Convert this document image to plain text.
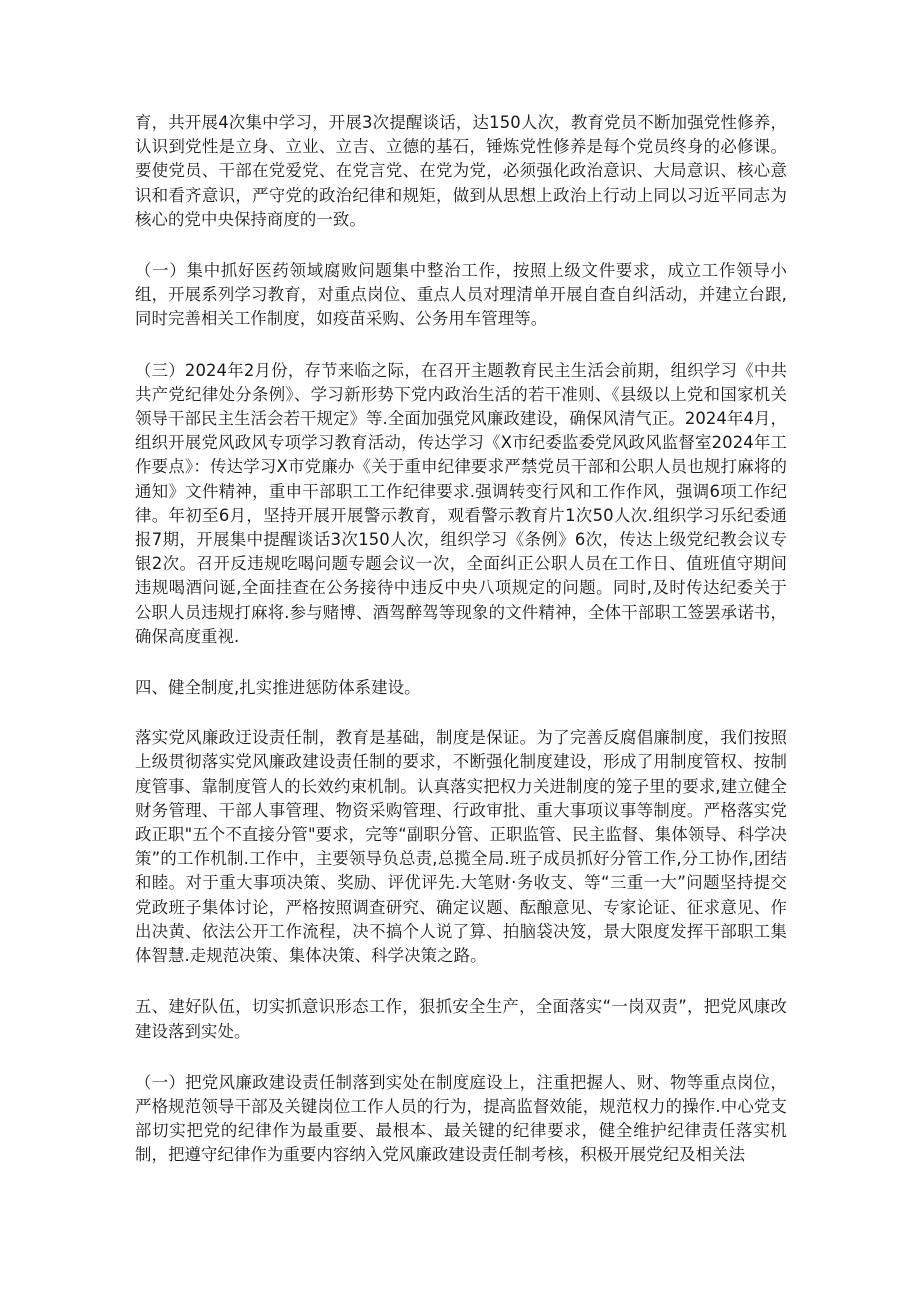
育，共开展4次集中学习，开展3次提醒谈话，达150人次，教育党员不断加强党性修养，认识到党性是立身、立业、立吉、立德的基石，锤炼党性修养是每个党员终身的必修课。要使党员、干部在党爱党、在党言党、在党为党，必须强化政治意识、大局意识、核心意识和看齐意识，严守党的政治纪律和规矩，做到从思想上政治上行动上同以习近平同志为核心的党中央保持商度的一致。

（一）集中抓好医药领域腐败问题集中整治工作，按照上级文件要求，成立工作领导小组，开展系列学习教育，对重点岗位、重点人员对理清单开展自查自纠活动，并建立台跟,同时完善相关工作制度，如疫苗采购、公务用车管理等。

（三）2024年2月份，存节来临之际，在召开主题教育民主生活会前期，组织学习《中共共产党纪律处分条例》、学习新形势下党内政治生活的若干准则、《县级以上党和国家机关领导干部民主生活会若干规定》等.全面加强党风廉政建设，确保风清气正。2024年4月，组织开展党风政风专项学习教育活动，传达学习《X市纪委监委党风政风监督室2024年工作要点》：传达学习X市党廉办《关于重申纪律要求严禁党员干部和公职人员也规打麻将的通知》文件精神，重申干部职工工作纪律要求.强调转变行风和工作作风，强调6项工作纪律。年初至6月，坚持开展开展警示教育，观看警示教育片1次50人次.组织学习乐纪委通报7期，开展集中提醒谈话3次150人次，组织学习《条例》6次，传达上级党纪教会议专银2次。召开反违规吃喝问题专题会议一次，全面纠正公职人员在工作日、值班值守期间违规喝酒问诞,全面挂查在公务接待中违反中央八项规定的问题。同时,及时传达纪委关于公职人员违规打麻将.参与赌博、酒驾醉驾等现象的文件精神，全体干部职工签罢承诺书，确保高度重视.

四、健全制度,扎实推进惩防体系建设。

落实党风廉政迂设责任制，教育是基础，制度是保证。为了完善反腐倡廉制度，我们按照上级贯彻落实党风廉政建设责任制的要求，不断强化制度建设，形成了用制度管权、按制度管事、靠制度管人的长效约束机制。认真落实把权力关进制度的笼子里的要求,建立健全财务管理、干部人事管理、物资采购管理、行政审批、重大事项议事等制度。严格落实党政正职"五个不直接分管"要求，完等“副职分管、正职监管、民主监督、集体领导、科学决策”的工作机制.工作中，主要领导负总责,总揽全局.班子成员抓好分管工作,分工协作,团结和睦。对于重大事项决策、奖励、评优评先.大笔财·务收支、等“三重一大”问题坚持提交党政班子集体讨论，严格按照调查研究、确定议题、酝酿意见、专家论证、征求意见、作出决黄、依法公开工作流程，决不搞个人说了算、拍脑袋决笈，景大限度发挥干部职工集体智慧.走规范决策、集体决策、科学决策之路。

五、建好队伍，切实抓意识形态工作，狠抓安全生产，全面落实“一岗双责”，把党风康改建设落到实处。

（一）把党风廉政建设责任制落到实处在制度庭设上，注重把握人、财、物等重点岗位，严格规范领导干部及关键岗位工作人员的行为，提高监督效能，规范权力的操作.中心党支部切实把党的纪律作为最重要、最根本、最关键的纪律要求，健全维护纪律责任落实机制，把遵守纪律作为重要内容纳入党风廉政建设责任制考核，积极开展党纪及相关法
